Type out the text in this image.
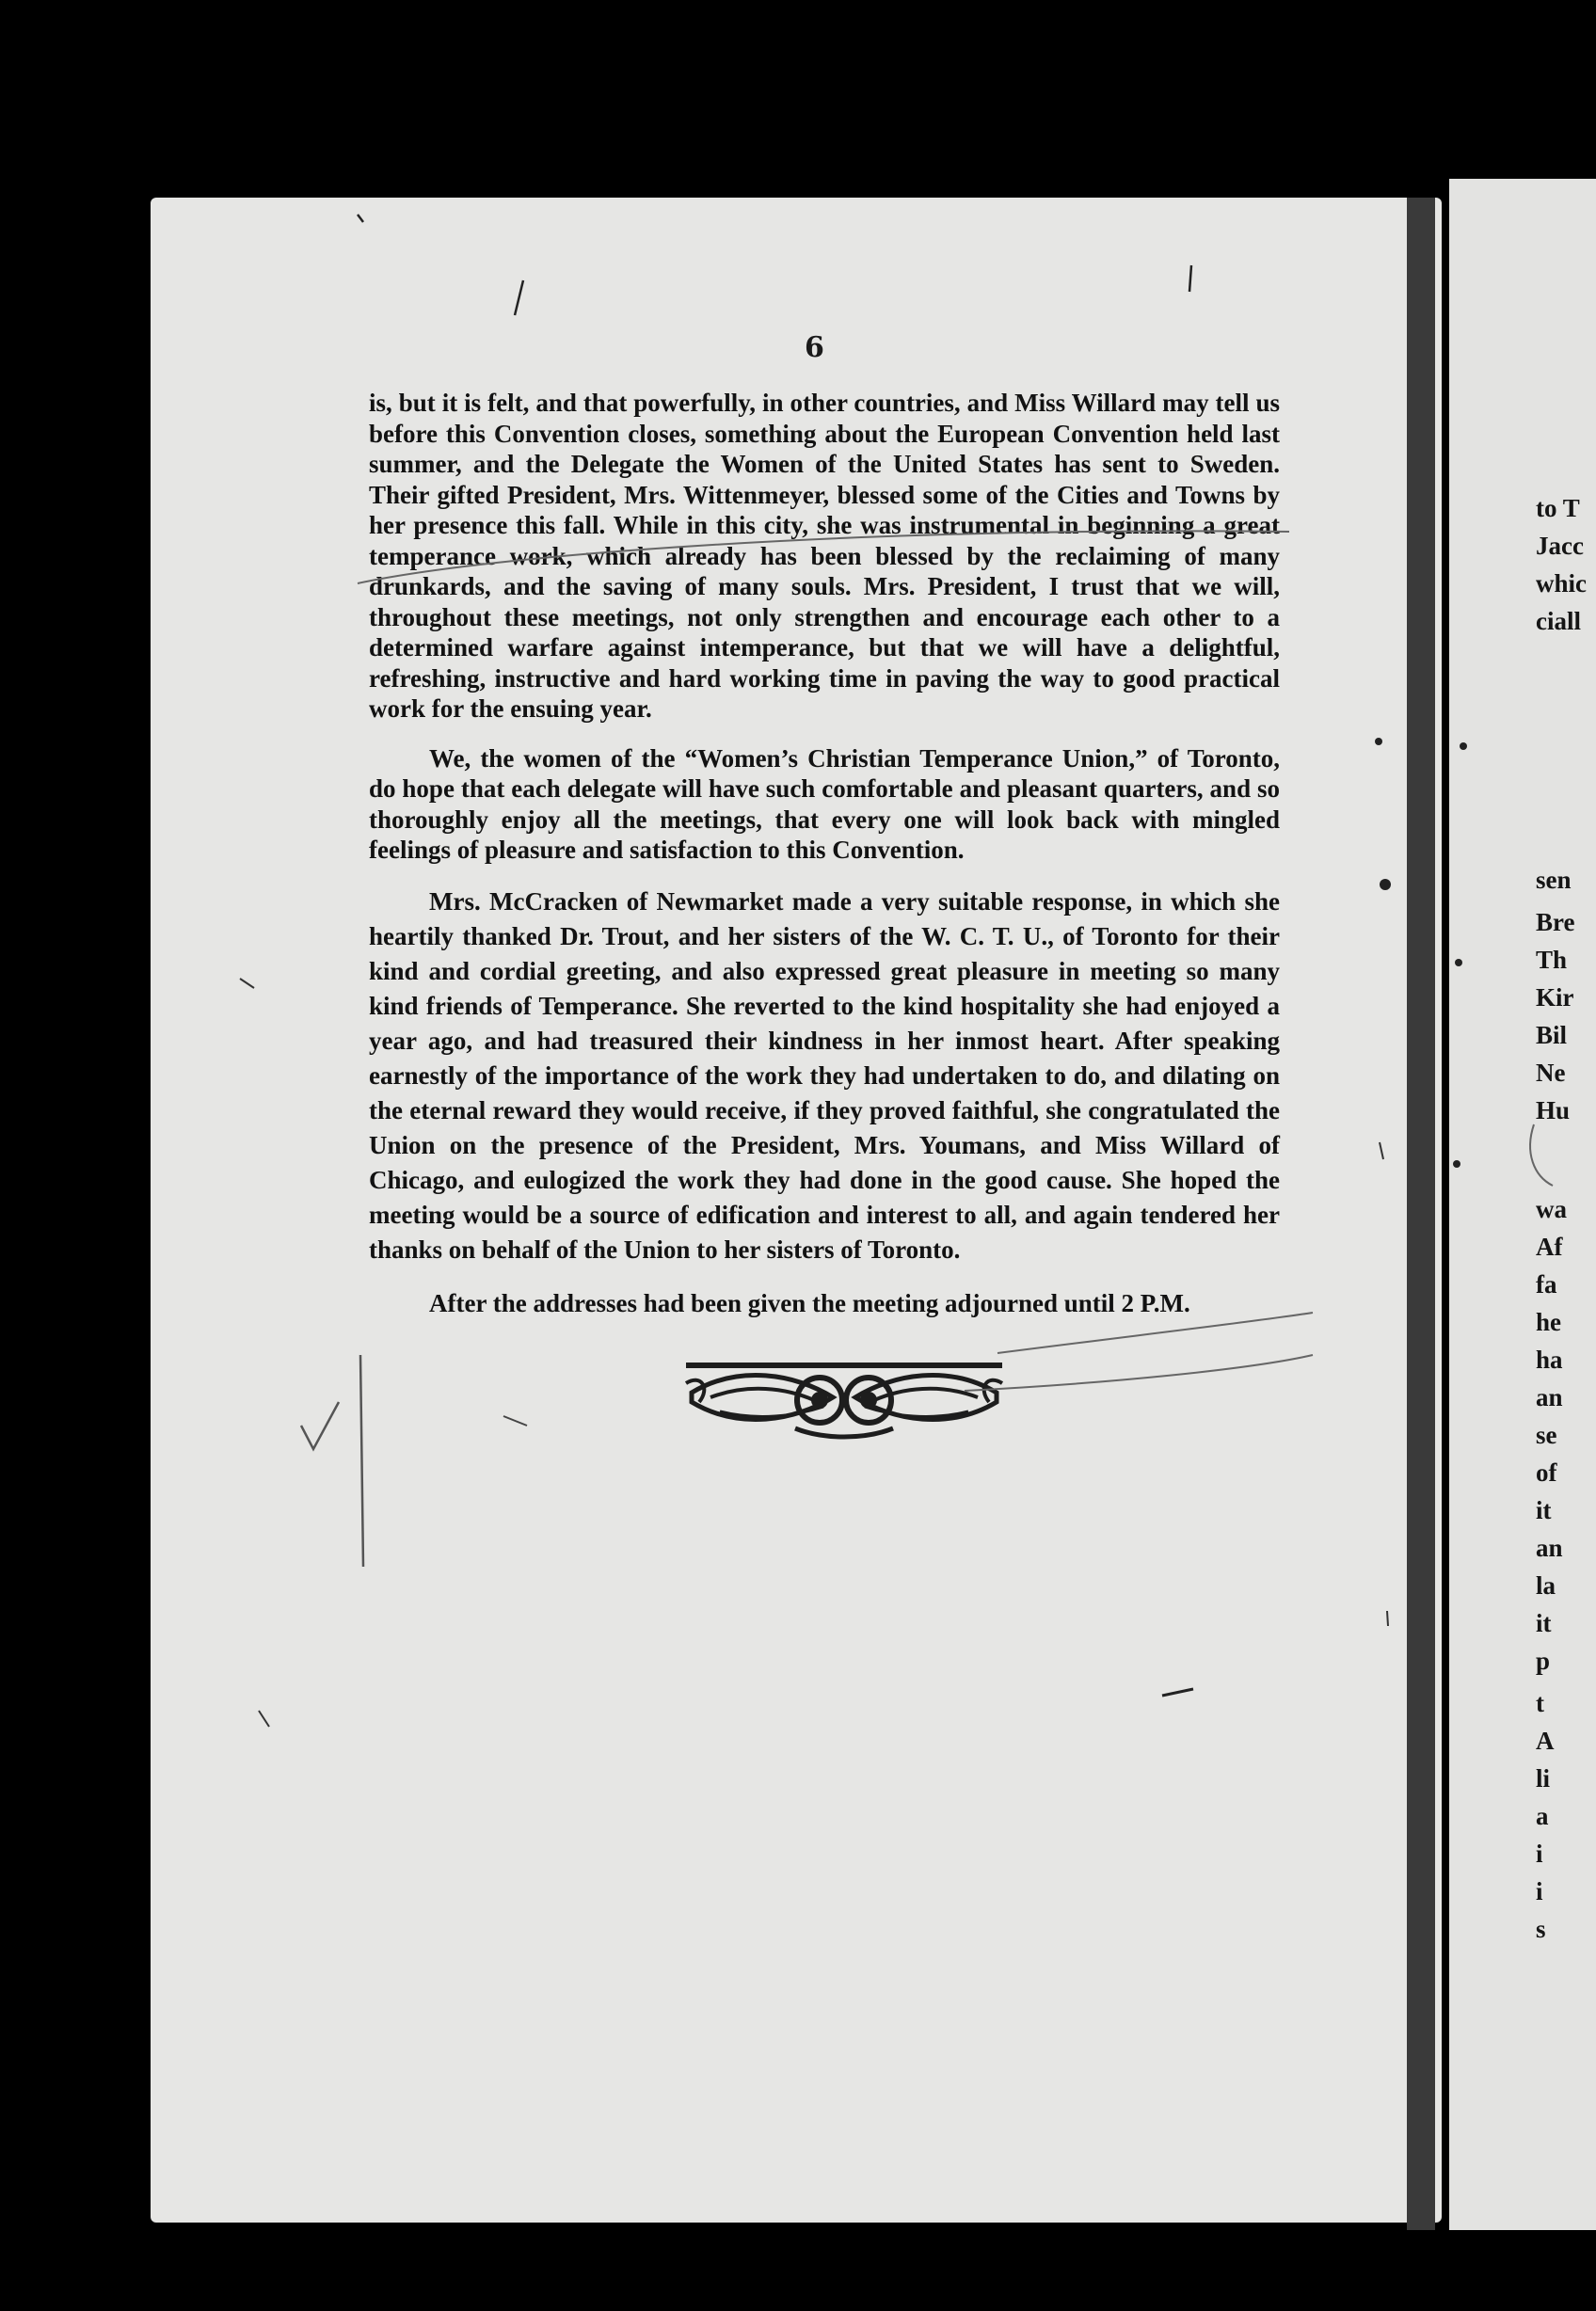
6

is, but it is felt, and that powerfully, in other countries, and Miss Willard may tell us before this Convention closes, something about the European Convention held last summer, and the Delegate the Women of the United States has sent to Sweden. Their gifted President, Mrs. Wittenmeyer, blessed some of the Cities and Towns by her presence this fall. While in this city, she was instrumental in beginning a great temperance work, which already has been blessed by the reclaiming of many drunkards, and the saving of many souls. Mrs. President, I trust that we will, throughout these meetings, not only strengthen and encourage each other to a determined warfare against intemperance, but that we will have a delightful, refreshing, instructive and hard working time in paving the way to good practical work for the ensuing year.

We, the women of the “Women’s Christian Temperance Union,” of Toronto, do hope that each delegate will have such comfortable and pleasant quarters, and so thoroughly enjoy all the meetings, that every one will look back with mingled feelings of pleasure and satisfaction to this Convention.

Mrs. McCracken of Newmarket made a very suitable response, in which she heartily thanked Dr. Trout, and her sisters of the W. C. T. U., of Toronto for their kind and cordial greeting, and also expressed great pleasure in meeting so many kind friends of Temperance. She reverted to the kind hospitality she had enjoyed a year ago, and had treasured their kindness in her inmost heart. After speaking earnestly of the importance of the work they had undertaken to do, and dilating on the eternal reward they would receive, if they proved faithful, she congratulated the Union on the presence of the President, Mrs. Youmans, and Miss Willard of Chicago, and eulogized the work they had done in the good cause. She hoped the meeting would be a source of edification and interest to all, and again tendered her thanks on behalf of the Union to her sisters of Toronto.

After the addresses had been given the meeting adjourned until 2 P.M.

to T
Jacc
whic
ciall
sen
Bre
Th
Kir
Bil
Ne
Hu
wa
Af
fa
he
ha
an
se
of
it
an
la
it
p
t
A
li
a
i
i
s
